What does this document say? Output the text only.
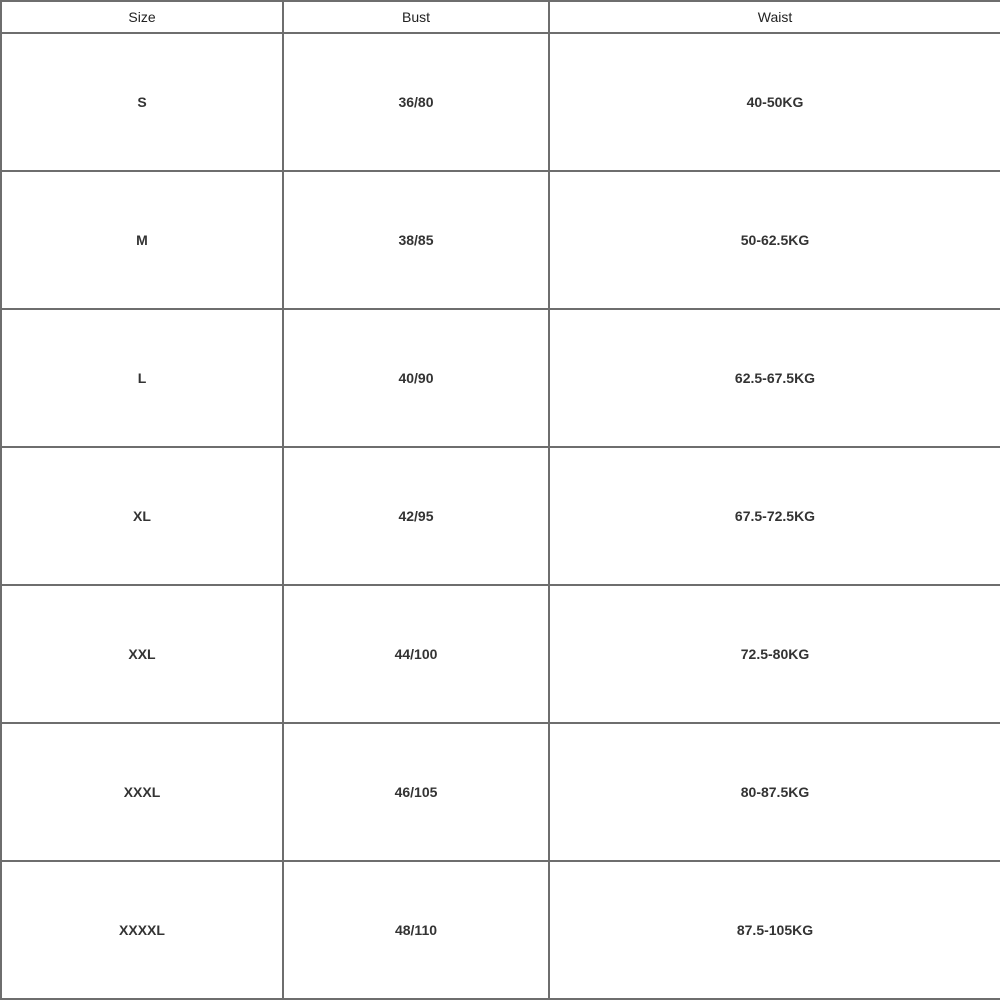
Size	Bust	Waist
S	36/80	40-50KG
M	38/85	50-62.5KG
L	40/90	62.5-67.5KG
XL	42/95	67.5-72.5KG
XXL	44/100	72.5-80KG
XXXL	46/105	80-87.5KG
XXXXL	48/110	87.5-105KG
